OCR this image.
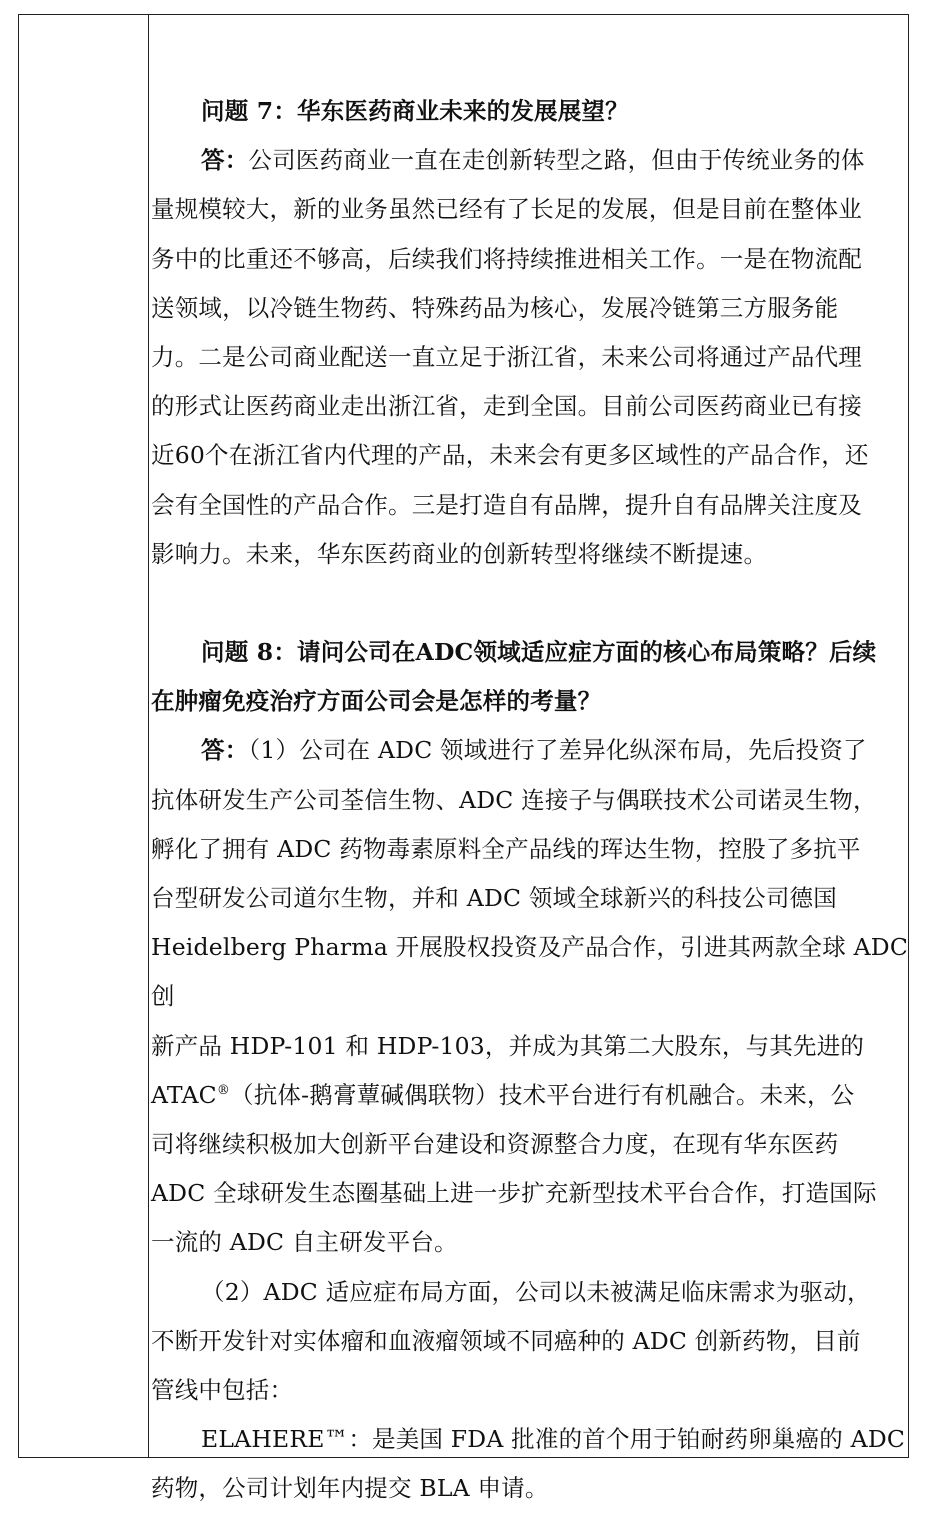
问题 7：华东医药商业未来的发展展望？

答：公司医药商业一直在走创新转型之路，但由于传统业务的体

量规模较大，新的业务虽然已经有了长足的发展，但是目前在整体业

务中的比重还不够高，后续我们将持续推进相关工作。一是在物流配

送领域，以冷链生物药、特殊药品为核心，发展冷链第三方服务能

力。二是公司商业配送一直立足于浙江省，未来公司将通过产品代理

的形式让医药商业走出浙江省，走到全国。目前公司医药商业已有接

近60个在浙江省内代理的产品，未来会有更多区域性的产品合作，还

会有全国性的产品合作。三是打造自有品牌，提升自有品牌关注度及

影响力。未来，华东医药商业的创新转型将继续不断提速。

问题 8：请问公司在ADC领域适应症方面的核心布局策略？后续

在肿瘤免疫治疗方面公司会是怎样的考量？

答：（1）公司在 ADC 领域进行了差异化纵深布局，先后投资了

抗体研发生产公司荃信生物、ADC 连接子与偶联技术公司诺灵生物，

孵化了拥有 ADC 药物毒素原料全产品线的珲达生物，控股了多抗平

台型研发公司道尔生物，并和 ADC 领域全球新兴的科技公司德国

Heidelberg Pharma 开展股权投资及产品合作，引进其两款全球 ADC 创

新产品 HDP-101 和 HDP-103，并成为其第二大股东，与其先进的

ATAC®（抗体-鹅膏蕈碱偶联物）技术平台进行有机融合。未来，公

司将继续积极加大创新平台建设和资源整合力度，在现有华东医药

ADC 全球研发生态圈基础上进一步扩充新型技术平台合作，打造国际

一流的 ADC 自主研发平台。

（2）ADC 适应症布局方面，公司以未被满足临床需求为驱动，

不断开发针对实体瘤和血液瘤领域不同癌种的 ADC 创新药物，目前

管线中包括：

ELAHERE™：是美国 FDA 批准的首个用于铂耐药卵巢癌的 ADC

药物，公司计划年内提交 BLA 申请。
